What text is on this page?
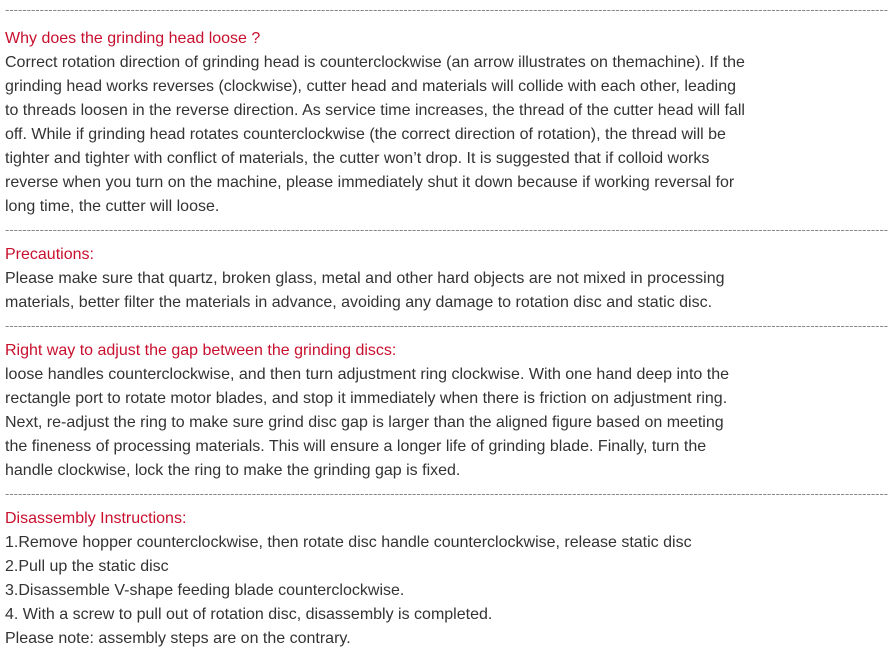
------------------------------------------------------------------------------------------------------------------------------------------------------------------------------------------------------------

Why does the grinding head loose ?

Correct rotation direction of grinding head is counterclockwise (an arrow illustrates on themachine). If the

grinding head works reverses (clockwise), cutter head and materials will collide with each other, leading

to threads loosen in the reverse direction. As service time increases, the thread of the cutter head will fall

off. While if grinding head rotates counterclockwise (the correct direction of rotation), the thread will be

tighter and tighter with conflict of materials, the cutter won’t drop. It is suggested that if colloid works

reverse when you turn on the machine, please immediately shut it down because if working reversal for

long time, the cutter will loose.

------------------------------------------------------------------------------------------------------------------------------------------------------------------------------------------------------------

Precautions:

Please make sure that quartz, broken glass, metal and other hard objects are not mixed in processing

materials, better filter the materials in advance, avoiding any damage to rotation disc and static disc.

------------------------------------------------------------------------------------------------------------------------------------------------------------------------------------------------------------

Right way to adjust the gap between the grinding discs:

loose handles counterclockwise, and then turn adjustment ring clockwise. With one hand deep into the

rectangle port to rotate motor blades, and stop it immediately when there is friction on adjustment ring.

Next, re-adjust the ring to make sure grind disc gap is larger than the aligned figure based on meeting

the fineness of processing materials. This will ensure a longer life of grinding blade. Finally, turn the

handle clockwise, lock the ring to make the grinding gap is fixed.

------------------------------------------------------------------------------------------------------------------------------------------------------------------------------------------------------------

Disassembly Instructions:

1.Remove hopper counterclockwise, then rotate disc handle counterclockwise, release static disc

2.Pull up the static disc

3.Disassemble V-shape feeding blade counterclockwise.

4. With a screw to pull out of rotation disc, disassembly is completed.

Please note: assembly steps are on the contrary.
